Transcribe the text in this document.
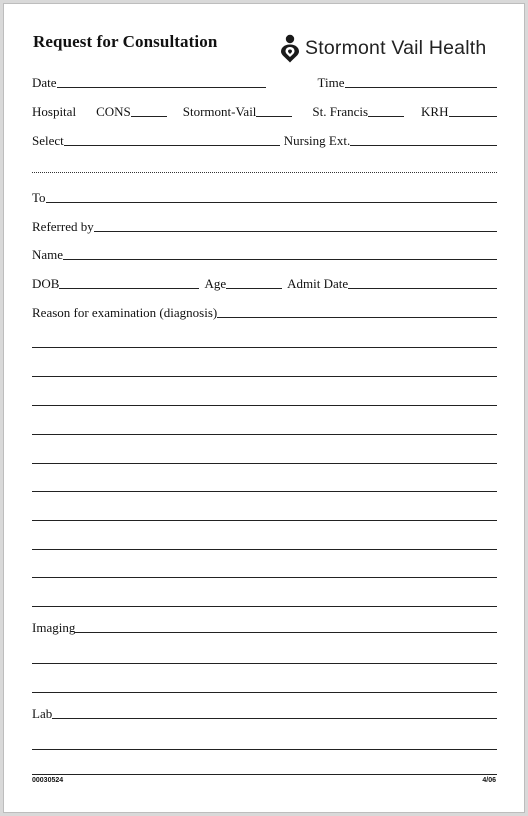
Request for Consultation	Stormont Vail Health
Date	Time
Hospital CONS	Stormont-Vail	St. Francis	KRH
Select	Nursing Ext.
To
Referred by
Name
DOB	Age	Admit Date
Reason for examination (diagnosis)
Imaging
Lab
00030524	4/06
